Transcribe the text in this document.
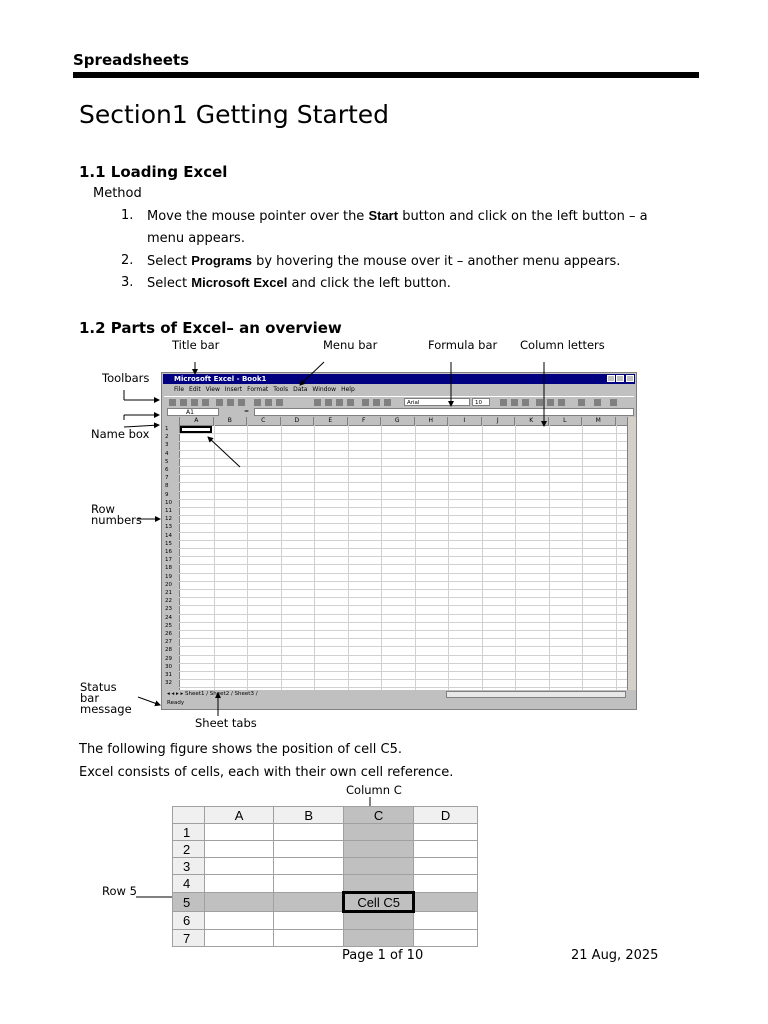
Spreadsheets
Section1 Getting Started
1.1 Loading Excel
Method
1. Move the mouse pointer over the Start button and click on the left button – a
menu appears.
2. Select Programs by hovering the mouse over it – another menu appears.
3. Select Microsoft Excel and click the left button.
1.2 Parts of Excel– an overview
Title bar	Menu bar	Formula bar Column letters
Toolbars
Name box
Row
numbers
Status
bar
message
Sheet tabs
Microsoft Excel - Book1
File Edit View Insert Format Tools Data Window Help
Arial	10
A1	=
A	B	C	D	E	F	G	H	I	J	K	L	M
1
2
3
4
5
6
7
8
9
10
11
12
13
14
15
16
17
18
19
20
21
22
23
24
25
26
27
28
29
30
31
32
◂ ◂ ▸ ▸ Sheet1 / Sheet2 / Sheet3 /
Ready
The following figure shows the position of cell C5.
Excel consists of cells, each with their own cell reference.
Column C
Row 5
	A	B	C	D
1				
2				
3				
4				
5			Cell C5	
6				
7				
Page 1 of 10	21 Aug, 2025
